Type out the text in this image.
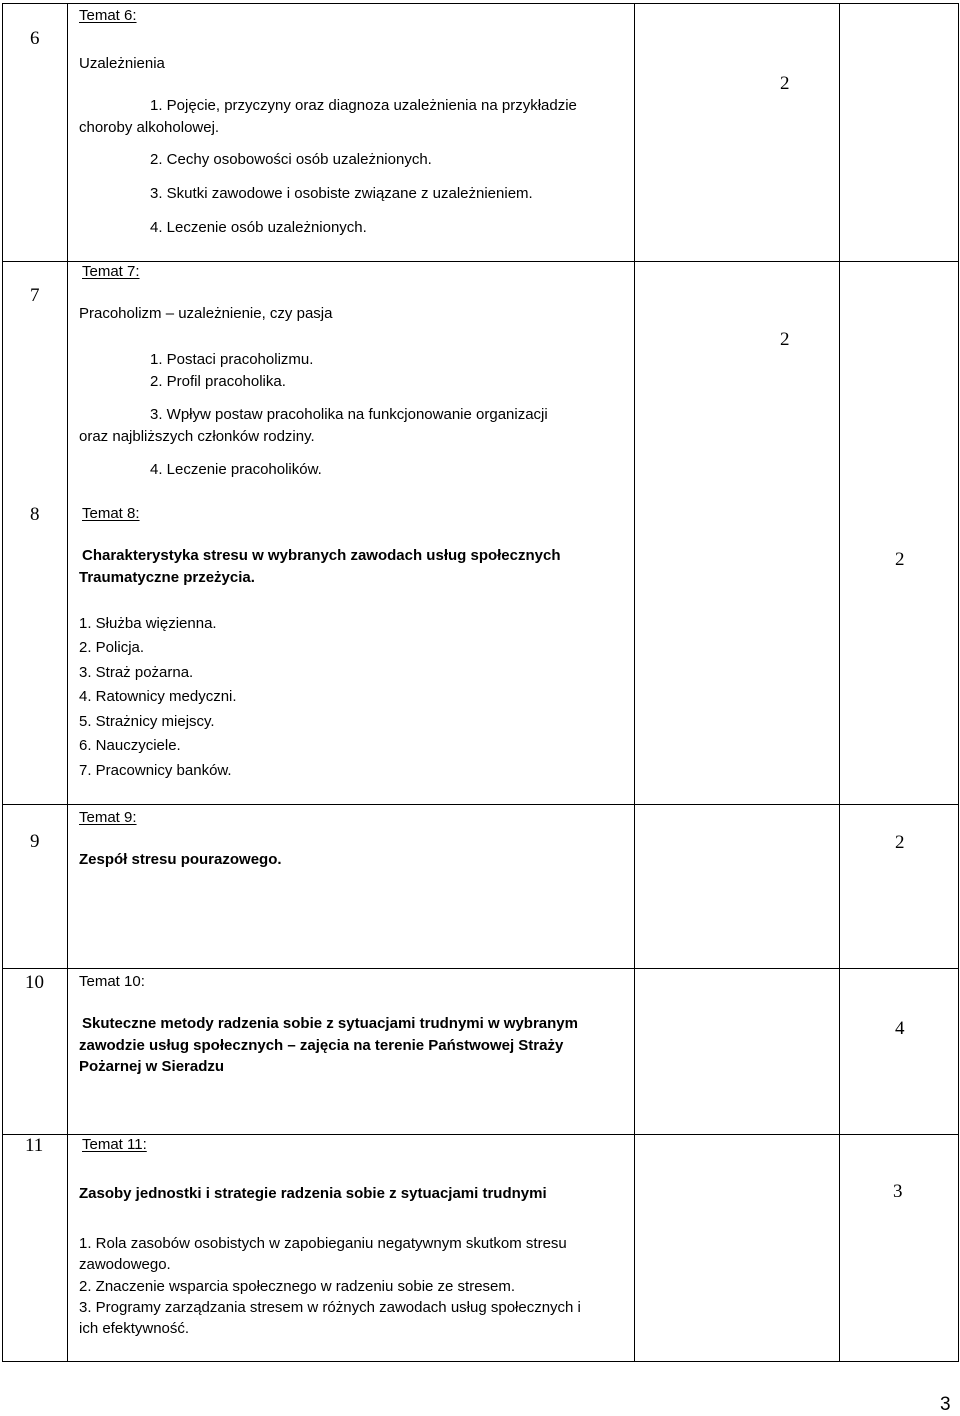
6
Temat 6:
Uzależnienia
1. Pojęcie, przyczyny oraz diagnoza uzależnienia na przykładzie
choroby alkoholowej.
2. Cechy osobowości osób uzależnionych.
3. Skutki zawodowe i osobiste związane z uzależnieniem.
4. Leczenie osób uzależnionych.
2
7
Temat 7:
Pracoholizm – uzależnienie, czy pasja
1. Postaci pracoholizmu.
2. Profil pracoholika.
3. Wpływ postaw pracoholika na funkcjonowanie organizacji
oraz najbliższych członków rodziny.
4. Leczenie pracoholików.
2
8	Temat 8:
Charakterystyka stresu w wybranych zawodach usług społecznych
Traumatyczne przeżycia.
1. Służba więzienna.
2. Policja.
3. Straż pożarna.
4. Ratownicy medyczni.
5. Strażnicy miejscy.
6. Nauczyciele.
7. Pracownicy banków.
2
9
Temat 9:
Zespół stresu pourazowego.
2
10 Temat 10:
Skuteczne metody radzenia sobie z sytuacjami trudnymi w wybranym
zawodzie usług społecznych – zajęcia na terenie Państwowej Straży
Pożarnej w Sieradzu
4
11	Temat 11:
Zasoby jednostki i strategie radzenia sobie z sytuacjami trudnymi
1. Rola zasobów osobistych w zapobieganiu negatywnym skutkom stresu
zawodowego.
2. Znaczenie wsparcia społecznego w radzeniu sobie ze stresem.
3. Programy zarządzania stresem w różnych zawodach usług społecznych i
ich efektywność.
3
3
